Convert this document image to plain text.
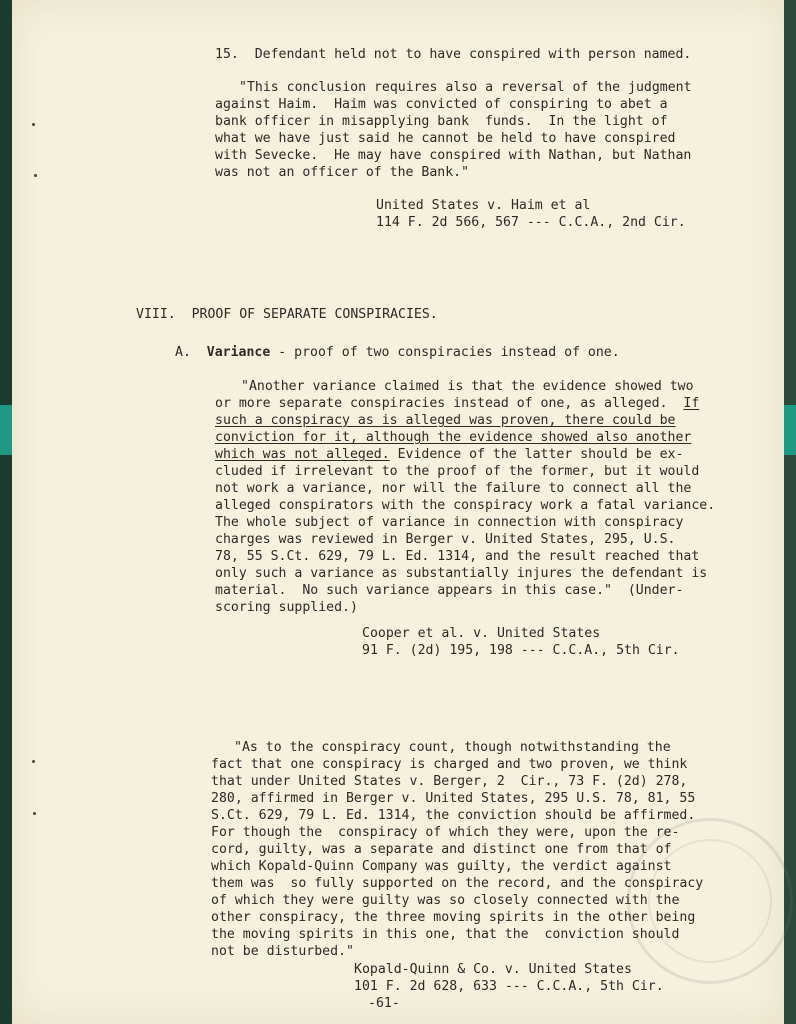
15.  Defendant held not to have conspired with person named.
"This conclusion requires also a reversal of the judgment
against Haim.  Haim was convicted of conspiring to abet a
bank officer in misapplying bank  funds.  In the light of
what we have just said he cannot be held to have conspired
with Sevecke.  He may have conspired with Nathan, but Nathan
was not an officer of the Bank."
United States v. Haim et al
114 F. 2d 566, 567 --- C.C.A., 2nd Cir.
VIII.  PROOF OF SEPARATE CONSPIRACIES.
A. Variance - proof of two conspiracies instead of one.
"Another variance claimed is that the evidence showed two
or more separate conspiracies instead of one, as alleged. If
such a conspiracy as is alleged was proven, there could be
conviction for it, although the evidence showed also another
which was not alleged. Evidence of the latter should be ex-
cluded if irrelevant to the proof of the former, but it would
not work a variance, nor will the failure to connect all the
alleged conspirators with the conspiracy work a fatal variance.
The whole subject of variance in connection with conspiracy
charges was reviewed in Berger v. United States, 295, U.S.
78, 55 S.Ct. 629, 79 L. Ed. 1314, and the result reached that
only such a variance as substantially injures the defendant is
material.  No such variance appears in this case."  (Under-
scoring supplied.)
Cooper et al. v. United States
91 F. (2d) 195, 198 --- C.C.A., 5th Cir.
"As to the conspiracy count, though notwithstanding the
fact that one conspiracy is charged and two proven, we think
that under United States v. Berger, 2  Cir., 73 F. (2d) 278,
280, affirmed in Berger v. United States, 295 U.S. 78, 81, 55
S.Ct. 629, 79 L. Ed. 1314, the conviction should be affirmed.
For though the  conspiracy of which they were, upon the re-
cord, guilty, was a separate and distinct one from that of
which Kopald-Quinn Company was guilty, the verdict against
them was  so fully supported on the record, and the conspiracy
of which they were guilty was so closely connected with the
other conspiracy, the three moving spirits in the other being
the moving spirits in this one, that the  conviction should
not be disturbed."
Kopald-Quinn & Co. v. United States
101 F. 2d 628, 633 --- C.C.A., 5th Cir.
-61-
